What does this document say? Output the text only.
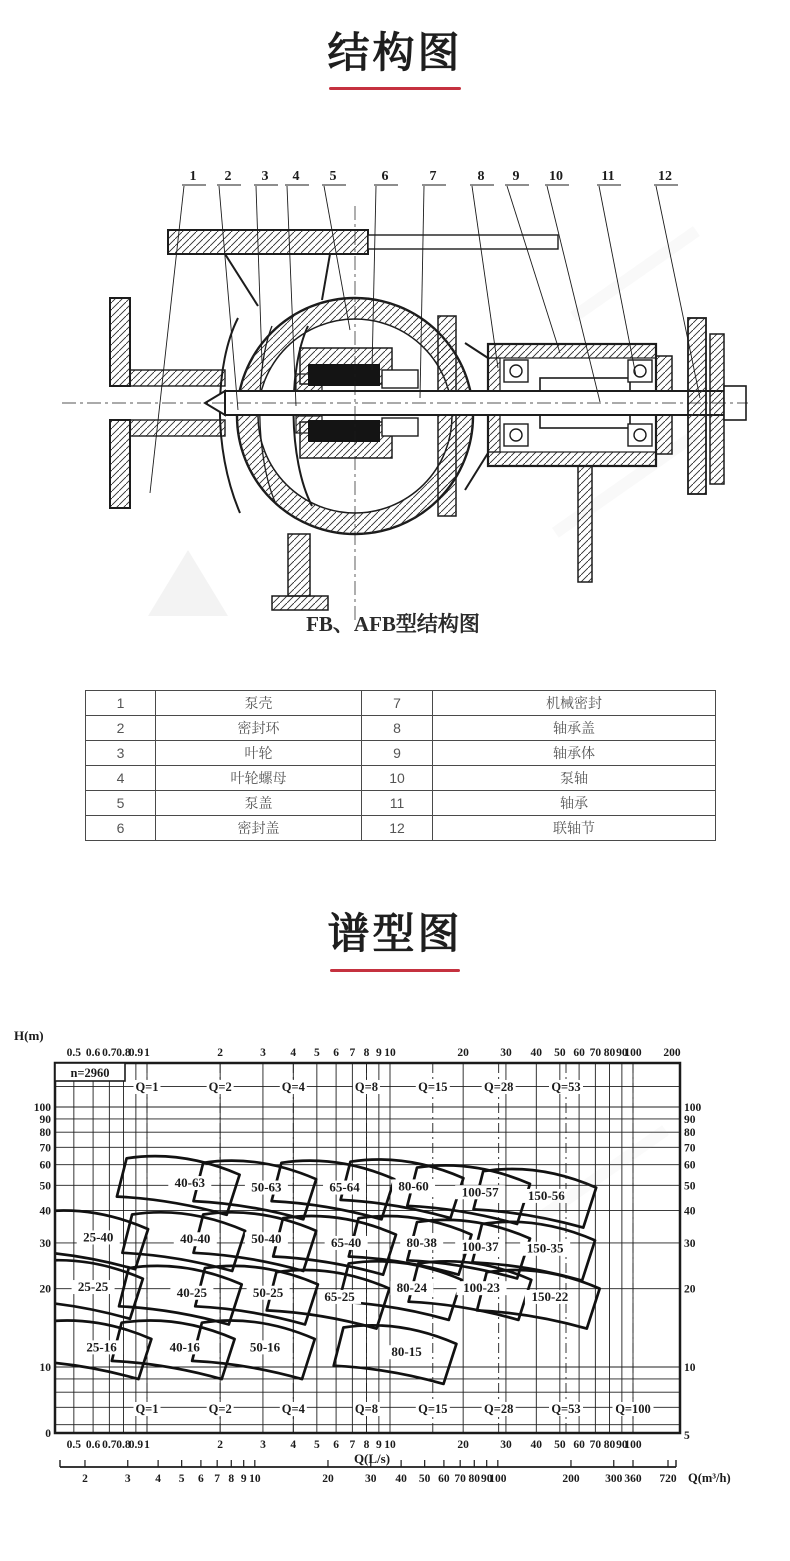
结构图
1 2 3 4 5	6	7	8 9 10	11	12
FB、AFB型结构图
1	泵壳	7	机械密封
2	密封环	8	轴承盖
3	叶轮	9	轴承体
4	叶轮螺母	10	泵轴
5	泵盖	11	轴承
6	密封盖	12	联轴节
谱型图
40-63	50-63	65-64	80-60	100-57 150-56
25-40	40-40	50-40	65-40	80-38 100-37 150-35
25-25	40-25	50-25	65-25
80-24	100-23
150-22
25-16	40-16	50-16	80-15
Q=1
Q=1
Q=2
Q=2
Q=4
Q=4
Q=8
Q=8
Q=15
Q=15
Q=28
Q=28
Q=53
Q=53	Q=100
n=2960
0.5 0.6 0.7 0.8
0.9 1	2	3 4 5 6 7 8 9 10	20	30 40 50 60 70 80 90
100 200
0.5 0.6 0.7 0.8
0.9 1	2	3 4 5 6 7 8 9 10	20	30 40 50 60 70 80 90
100
100	100
90	90
80	80
70	70
60	60
50	50
40	40
30	30
20	20
10	10
0	5
H(m)
Q(L/s)
2	3 4 5 6 7 8 9 10	20	30 40 50 60 70 80 90
100	200 300 360 720 Q(m³/h)
